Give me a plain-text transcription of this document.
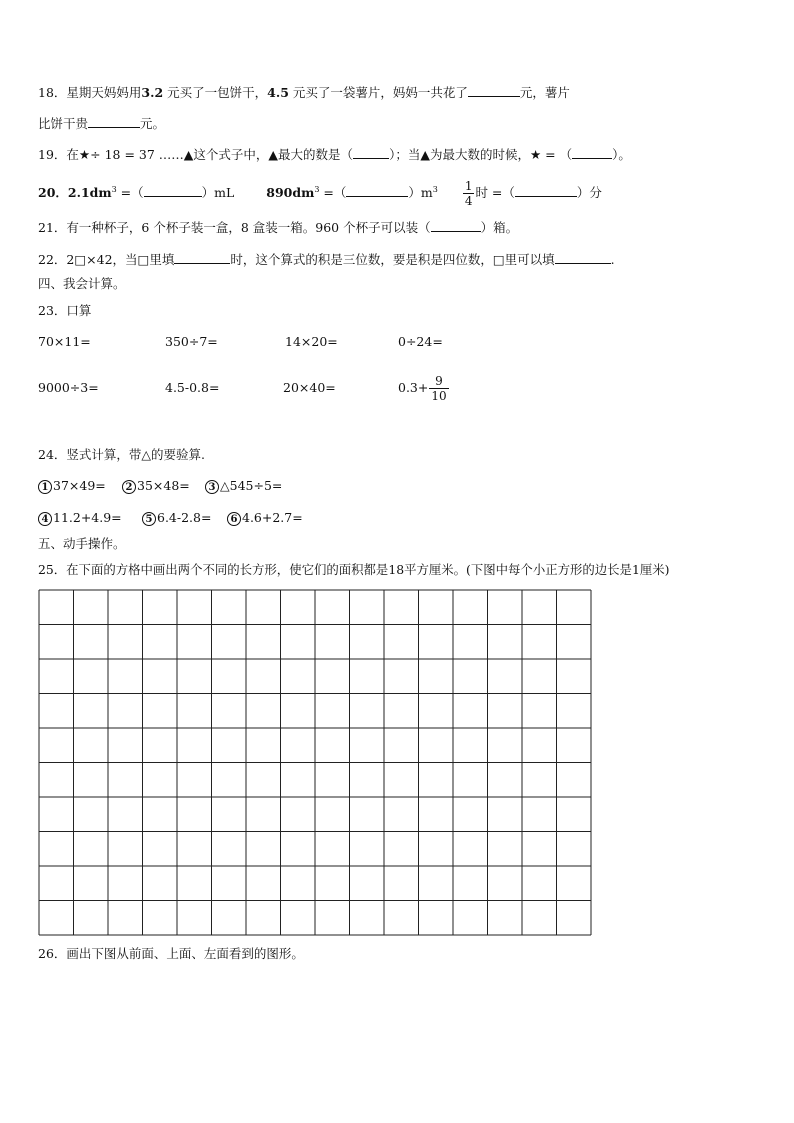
18．星期天妈妈用3.2 元买了一包饼干，4.5 元买了一袋薯片，妈妈一共花了	元，薯片
比饼干贵	元。
19．在★÷ 18 = 37 ……▲这个式子中，▲最大的数是（	）；当▲为最大数的时候，★ = （	）。
20．$2.1dm^3$ =（	）mL	$890dm^3$ =（	）$m^3 \frac{1}{4}$ 时 =（	）分
21．有一种杯子，6 个杯子装一盒，8 盒装一箱。960 个杯子可以装（	）箱。
22．2□×42，当□里填	时，这个算式的积是三位数，要是积是四位数，□里可以填	.
四、我会计算。
23．口算
70×11=	350÷7=	14×20=	0÷24=
9000÷3=	4.5-0.8=	20×40=	$0.3+ \frac{9}{10}$
24．竖式计算，带△的要验算.
1 37×49=	2 35×48=	3 △545÷5=
4 11.2+4.9=	5 6.4-2.8=	6 4.6+2.7=
五、动手操作。
25．在下面的方格中画出两个不同的长方形，使它们的面积都是18平方厘米。(下图中每个小正方形的边长是1厘米)
26．画出下图从前面、上面、左面看到的图形。
